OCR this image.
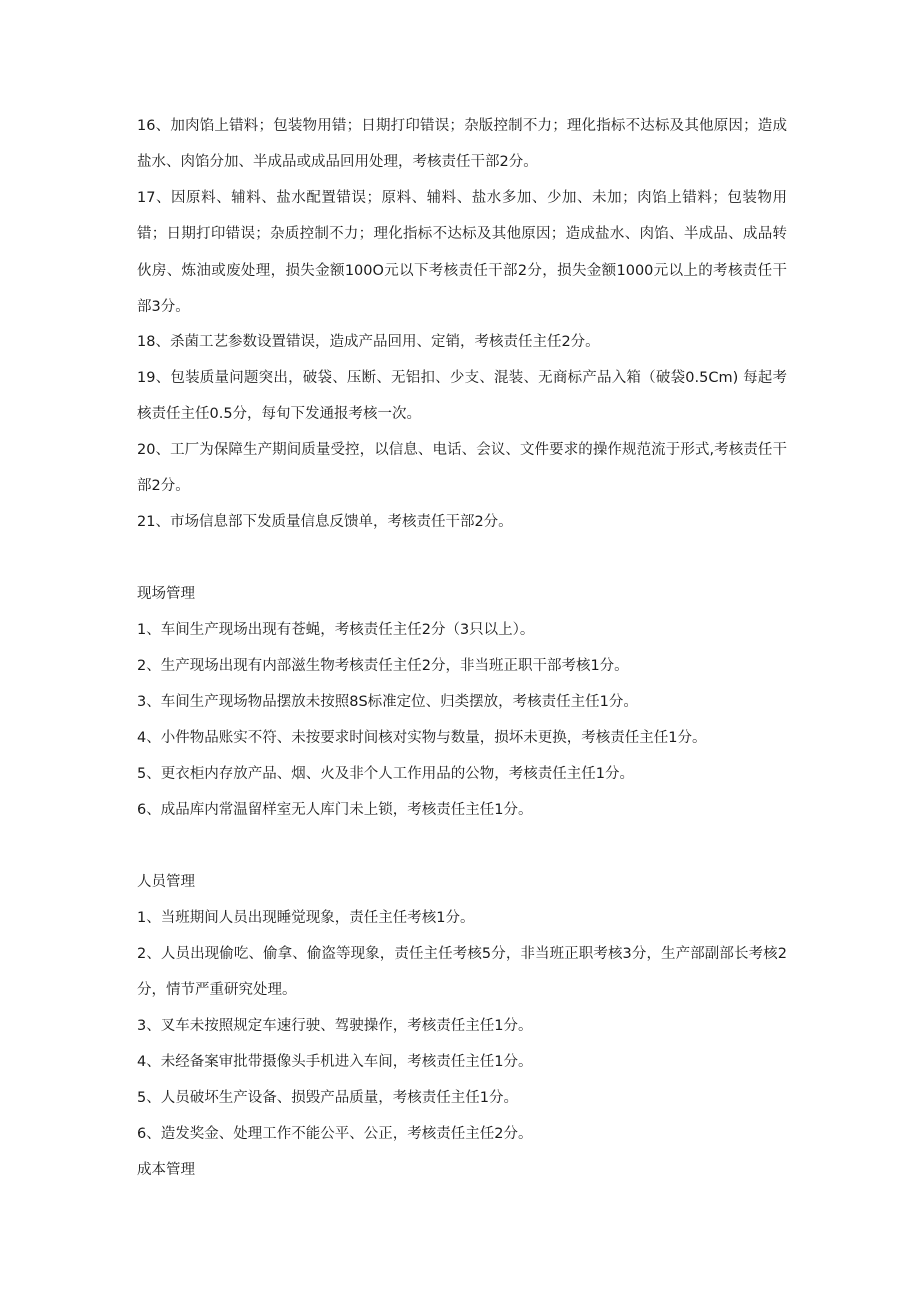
16、加肉馅上错料；包装物用错；日期打印错误；杂版控制不力；理化指标不达标及其他原因；造成盐水、肉馅分加、半成品或成品回用处理，考核责任干部2分。

17、因原料、辅料、盐水配置错误；原料、辅料、盐水多加、少加、未加；肉馅上错料；包装物用错；日期打印错误；杂质控制不力；理化指标不达标及其他原因；造成盐水、肉馅、半成品、成品转伙房、炼油或废处理，损失金额100O元以下考核责任干部2分，损失金额1000元以上的考核责任干部3分。

18、杀菌工艺参数设置错误，造成产品回用、定销，考核责任主任2分。

19、包装质量问题突出，破袋、压断、无铝扣、少支、混装、无商标产品入箱（破袋0.5Cm) 每起考核责任主任0.5分，每旬下发通报考核一次。

20、工厂为保障生产期间质量受控，以信息、电话、会议、文件要求的操作规范流于形式,考核责任干部2分。

21、市场信息部下发质量信息反馈单，考核责任干部2分。

现场管理

1、车间生产现场出现有苍蝇，考核责任主任2分（3只以上）。

2、生产现场出现有内部滋生物考核责任主任2分，非当班正职干部考核1分。

3、车间生产现场物品摆放未按照8S标准定位、归类摆放，考核责任主任1分。

4、小件物品账实不符、未按要求时间核对实物与数量，损坏未更换，考核责任主任1分。

5、更衣柜内存放产品、烟、火及非个人工作用品的公物，考核责任主任1分。

6、成品库内常温留样室无人库门未上锁，考核责任主任1分。

人员管理

1、当班期间人员出现睡觉现象，责任主任考核1分。

2、人员出现偷吃、偷拿、偷盗等现象，责任主任考核5分，非当班正职考核3分，生产部副部长考核2分，情节严重研究处理。

3、叉车未按照规定车速行驶、驾驶操作，考核责任主任1分。

4、未经备案审批带摄像头手机进入车间，考核责任主任1分。

5、人员破坏生产设备、损毁产品质量，考核责任主任1分。

6、造发奖金、处理工作不能公平、公正，考核责任主任2分。

成本管理
